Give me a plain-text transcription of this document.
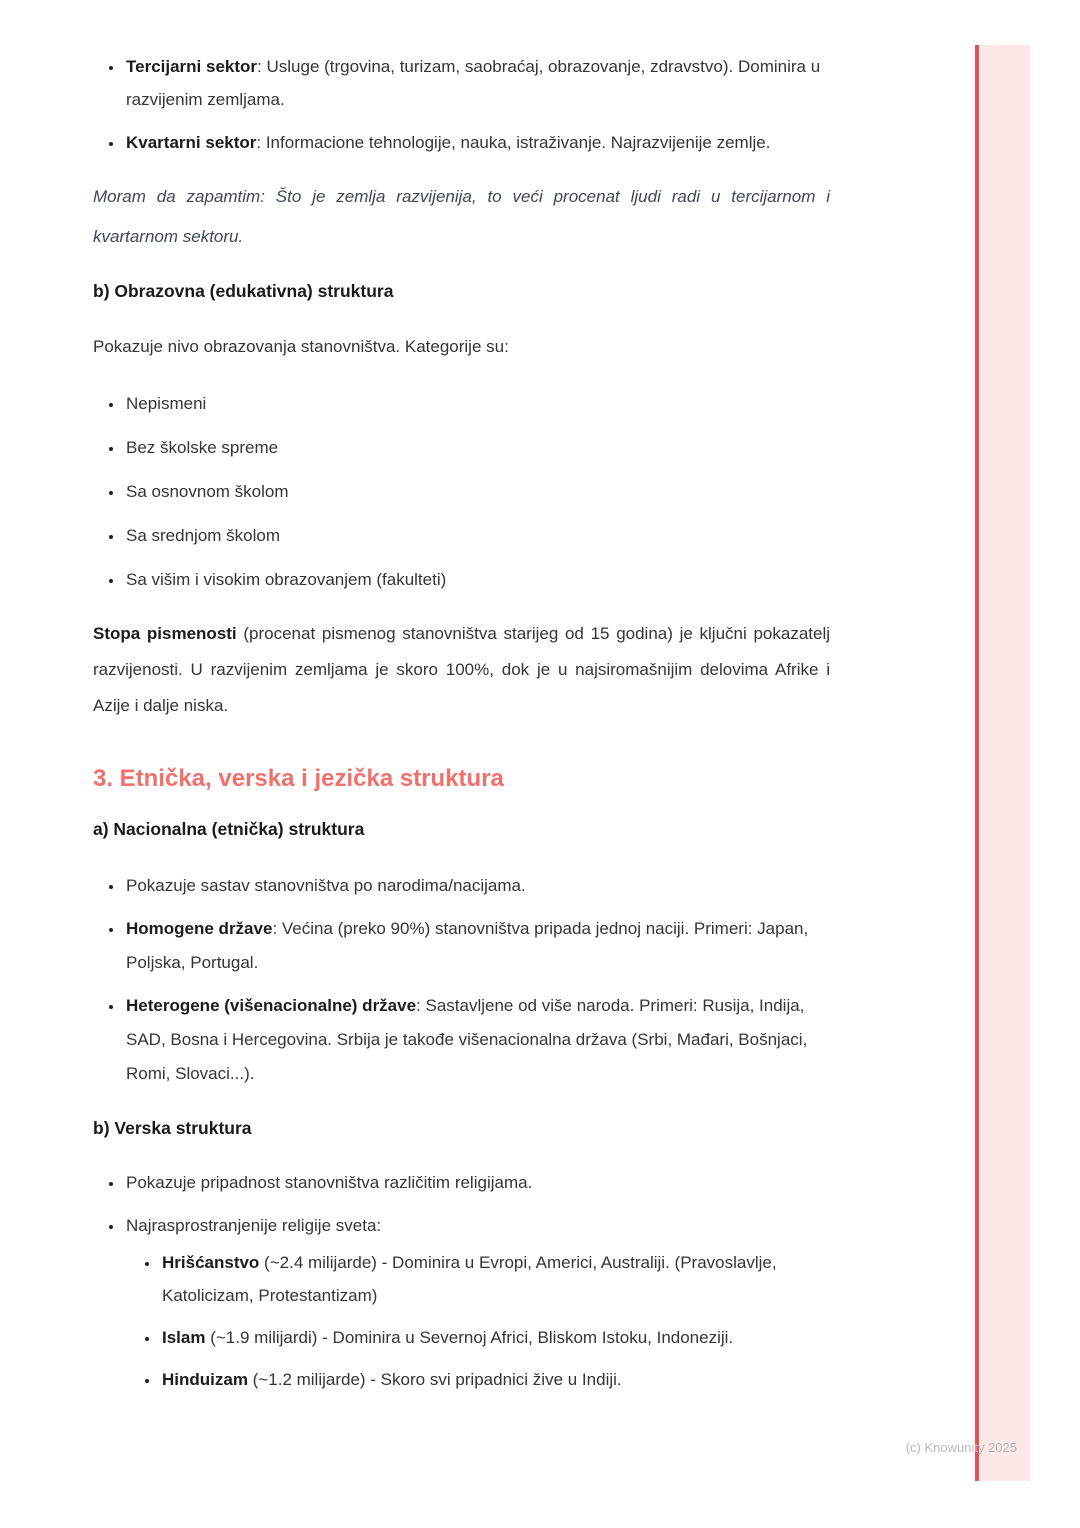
• Tercijarni sektor: Usluge (trgovina, turizam, saobraćaj, obrazovanje, zdravstvo). Dominira u razvijenim zemljama.
• Kvartarni sektor: Informacione tehnologije, nauka, istraživanje. Najrazvijenije zemlje.

Moram da zapamtim: Što je zemlja razvijenija, to veći procenat ljudi radi u tercijarnom i kvartarnom sektoru.

b) Obrazovna (edukativna) struktura

Pokazuje nivo obrazovanja stanovništva. Kategorije su:

• Nepismeni
• Bez školske spreme
• Sa osnovnom školom
• Sa srednjom školom
• Sa višim i visokim obrazovanjem (fakulteti)

Stopa pismenosti (procenat pismenog stanovništva starijeg od 15 godina) je ključni pokazatelj razvijenosti. U razvijenim zemljama je skoro 100%, dok je u najsiromašnijim delovima Afrike i Azije i dalje niska.

3. Etnička, verska i jezička struktura
a) Nacionalna (etnička) struktura
• Pokazuje sastav stanovništva po narodima/nacijama.
• Homogene države: Većina (preko 90%) stanovništva pripada jednoj naciji. Primeri: Japan, Poljska, Portugal.
• Heterogene (višenacionalne) države: Sastavljene od više naroda. Primeri: Rusija, Indija, SAD, Bosna i Hercegovina. Srbija je takođe višenacionalna država (Srbi, Mađari, Bošnjaci, Romi, Slovaci...).
b) Verska struktura
• Pokazuje pripadnost stanovništva različitim religijama.
• Najrasprostranjenije religije sveta:
• Hrišćanstvo (~2.4 milijarde) - Dominira u Evropi, Americi, Australiji. (Pravoslavlje, Katolicizam, Protestantizam)
• Islam (~1.9 milijardi) - Dominira u Severnoj Africi, Bliskom Istoku, Indoneziji.
• Hinduizam (~1.2 milijarde) - Skoro svi pripadnici žive u Indiji.
(c) Knowunity 2025
